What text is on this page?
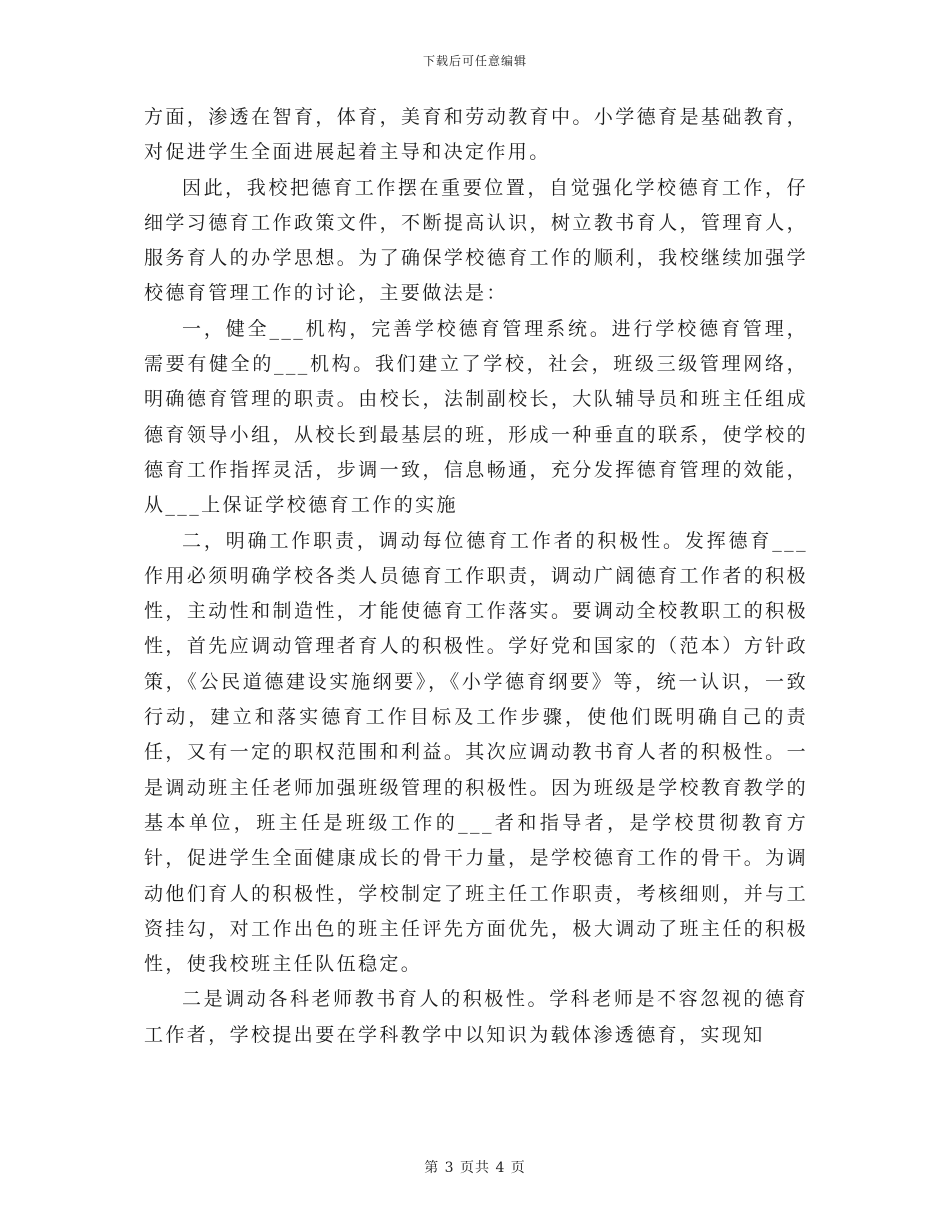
下载后可任意编辑

方面，渗透在智育，体育，美育和劳动教育中。小学德育是基础教育，对促进学生全面进展起着主导和决定作用。

因此，我校把德育工作摆在重要位置，自觉强化学校德育工作，仔细学习德育工作政策文件，不断提高认识，树立教书育人，管理育人，服务育人的办学思想。为了确保学校德育工作的顺利，我校继续加强学校德育管理工作的讨论，主要做法是：

一，健全___机构，完善学校德育管理系统。进行学校德育管理，需要有健全的___机构。我们建立了学校，社会，班级三级管理网络，明确德育管理的职责。由校长，法制副校长，大队辅导员和班主任组成德育领导小组，从校长到最基层的班，形成一种垂直的联系，使学校的德育工作指挥灵活，步调一致，信息畅通，充分发挥德育管理的效能，从___上保证学校德育工作的实施

二，明确工作职责，调动每位德育工作者的积极性。发挥德育___作用必须明确学校各类人员德育工作职责，调动广阔德育工作者的积极性，主动性和制造性，才能使德育工作落实。要调动全校教职工的积极性，首先应调动管理者育人的积极性。学好党和国家的（范本）方针政策，《公民道德建设实施纲要》，《小学德育纲要》等，统一认识，一致行动，建立和落实德育工作目标及工作步骤，使他们既明确自己的责任，又有一定的职权范围和利益。其次应调动教书育人者的积极性。一是调动班主任老师加强班级管理的积极性。因为班级是学校教育教学的基本单位，班主任是班级工作的___者和指导者，是学校贯彻教育方针，促进学生全面健康成长的骨干力量，是学校德育工作的骨干。为调动他们育人的积极性，学校制定了班主任工作职责，考核细则，并与工资挂勾，对工作出色的班主任评先方面优先，极大调动了班主任的积极性，使我校班主任队伍稳定。

二是调动各科老师教书育人的积极性。学科老师是不容忽视的德育工作者，学校提出要在学科教学中以知识为载体渗透德育，实现知

第 3 页共 4 页
